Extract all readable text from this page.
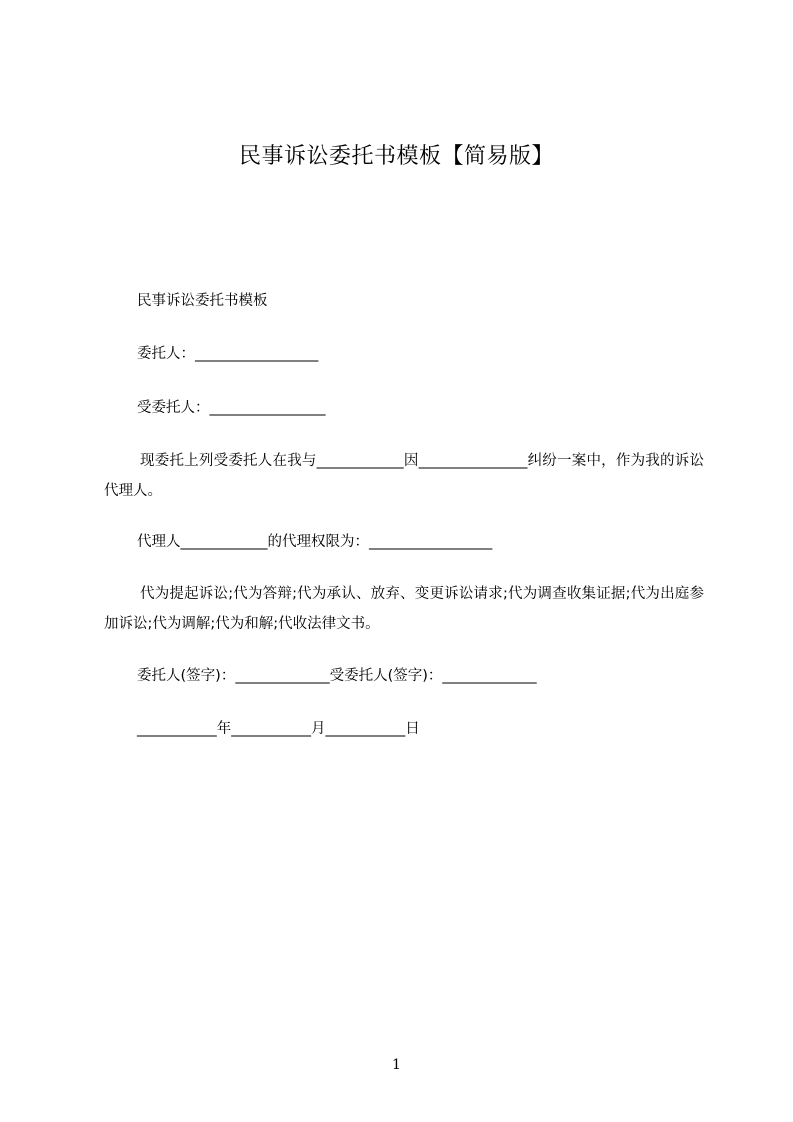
民事诉讼委托书模板【简易版】
民事诉讼委托书模板
委托人：_________________
受委托人：________________
现委托上列受委托人在我与____________因_______________纠纷一案中，作为我的诉讼代理人。
代理人____________的代理权限为：_________________
代为提起诉讼;代为答辩;代为承认、放弃、变更诉讼请求;代为调查收集证据;代为出庭参加诉讼;代为调解;代为和解;代收法律文书。
委托人(签字)：_____________受委托人(签字)：_____________
___________年___________月___________日
1
